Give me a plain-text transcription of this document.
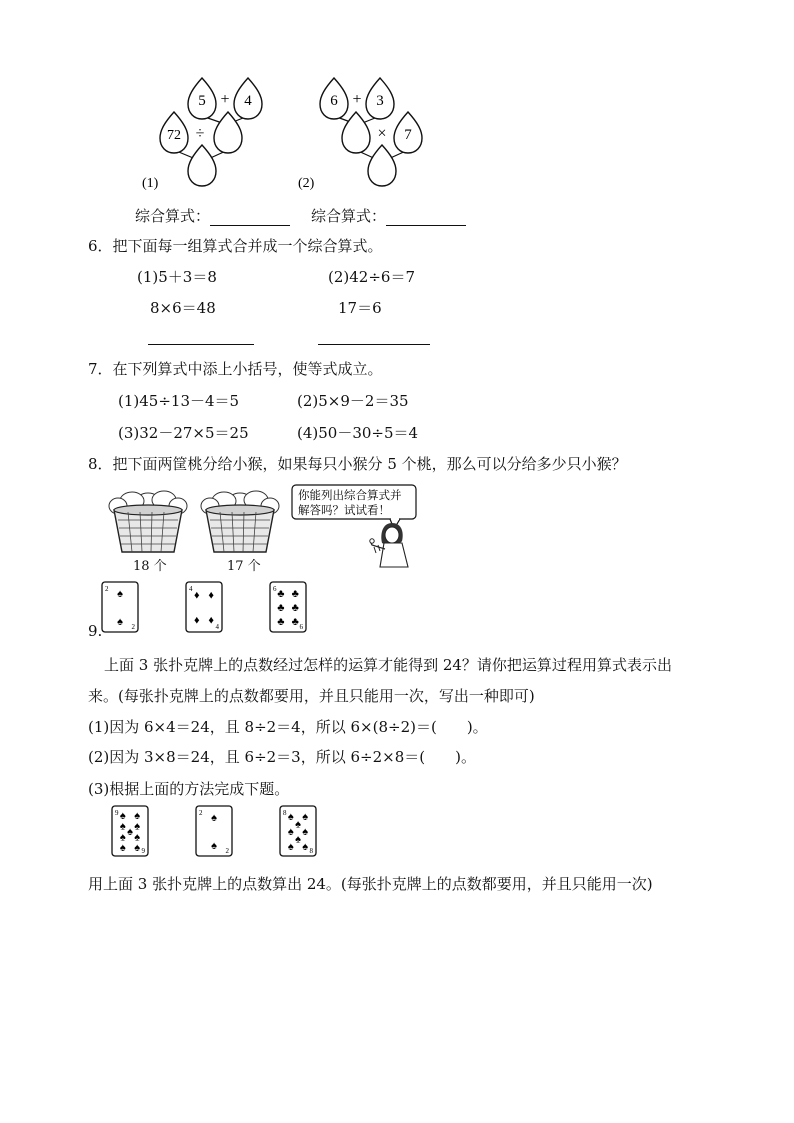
5 + 4
72 ÷
(1)
6 + 3
× 7
(2)
综合算式：	综合算式：
6．把下面每一组算式合并成一个综合算式。
(1)5＋3＝8
8×6＝48
(2)42÷6＝7
17＝6
7．在下列算式中添上小括号，使等式成立。
(1)45÷13－4＝5	(2)5×9－2＝35
(3)32－27×5＝25	(4)50－30÷5＝4
8．把下面两筐桃分给小猴，如果每只小猴分 5 个桃，那么可以分给多少只小猴？
18 个	17 个
你能列出综合算式并
解答吗？试试看！
9.
2
2
♠
♠
4
4
♦ ♦
♦ ♦
6
6
♣ ♣
♣ ♣
♣ ♣
上面 3 张扑克牌上的点数经过怎样的运算才能得到 24？请你把运算过程用算式表示出
来。(每张扑克牌上的点数都要用，并且只能用一次，写出一种即可)
(1)因为 6×4＝24，且 8÷2＝4，所以 6×(8÷2)＝(　　)。
(2)因为 3×8＝24，且 6÷2＝3，所以 6÷2×8＝(　　)。
(3)根据上面的方法完成下题。
9
9
♠ ♠
♠ ♠
♠
♠ ♠
♠ ♠
2
2
♠
♠
8
8
♠ ♠
♠
♠ ♠
♠
♠ ♠
用上面 3 张扑克牌上的点数算出 24。(每张扑克牌上的点数都要用，并且只能用一次)
